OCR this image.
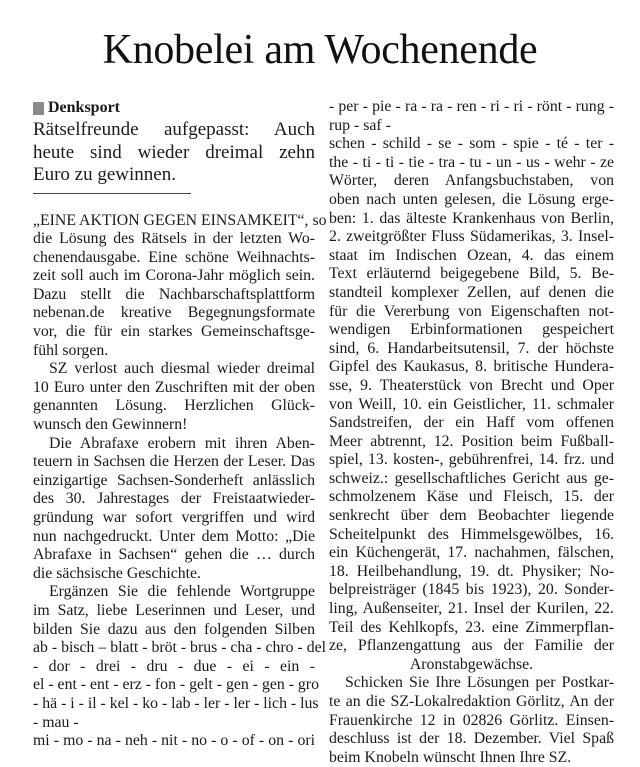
Knobelei am Wochenende
Denksport
Rätselfreunde aufgepasst: Auch
heute sind wieder dreimal zehn
Euro zu gewinnen.

„EINE AKTION GEGEN EINSAMKEIT“, so
die Lösung des Rätsels in der letzten Wo-
chenendausgabe. Eine schöne Weihnachts-
zeit soll auch im Corona-Jahr möglich sein.
Dazu stellt die Nachbarschaftsplattform
nebenan.de kreative Begegnungsformate
vor, die für ein starkes Gemeinschaftsge-
fühl sorgen.

SZ verlost auch diesmal wieder dreimal
10 Euro unter den Zuschriften mit der oben
genannten Lösung. Herzlichen Glück-
wunsch den Gewinnern!

Die Abrafaxe erobern mit ihren Aben-
teuern in Sachsen die Herzen der Leser. Das
einzigartige Sachsen-Sonderheft anlässlich
des 30. Jahrestages der Freistaatwieder-
gründung war sofort vergriffen und wird
nun nachgedruckt. Unter dem Motto: „Die
Abrafaxe in Sachsen“ gehen die … durch
die sächsische Geschichte.

Ergänzen Sie die fehlende Wortgruppe
im Satz, liebe Leserinnen und Leser, und
bilden Sie dazu aus den folgenden Silben
ab - bisch – blatt - bröt - brus - cha - chro - del
- dor - drei - dru - due - ei - ein -
el - ent - ent - erz - fon - gelt - gen - gen - gro
- hä - i - il - kel - ko - lab - ler - ler - lich - lus
- mau -
mi - mo - na - neh - nit - no - o - of - on - ori

- per - pie - ra - ra - ren - ri - ri - rönt - rung -
rup - saf -
schen - schild - se - som - spie - té - ter -
the - ti - ti - tie - tra - tu - un - us - wehr - ze

Wörter, deren Anfangsbuchstaben, von
oben nach unten gelesen, die Lösung erge-
ben: 1. das älteste Krankenhaus von Berlin,
2. zweitgrößter Fluss Südamerikas, 3. Insel-
staat im Indischen Ozean, 4. das einem
Text erläuternd beigegebene Bild, 5. Be-
standteil komplexer Zellen, auf denen die
für die Vererbung von Eigenschaften not-
wendigen Erbinformationen gespeichert
sind, 6. Handarbeitsutensil, 7. der höchste
Gipfel des Kaukasus, 8. britische Hundera-
sse, 9. Theaterstück von Brecht und Oper
von Weill, 10. ein Geistlicher, 11. schmaler
Sandstreifen, der ein Haff vom offenen
Meer abtrennt, 12. Position beim Fußball-
spiel, 13. kosten-, gebührenfrei, 14. frz. und
schweiz.: gesellschaftliches Gericht aus ge-
schmolzenem Käse und Fleisch, 15. der
senkrecht über dem Beobachter liegende
Scheitelpunkt des Himmelsgewölbes, 16.
ein Küchengerät, 17. nachahmen, fälschen,
18. Heilbehandlung, 19. dt. Physiker; No-
belpreisträger (1845 bis 1923), 20. Sonder-
ling, Außenseiter, 21. Insel der Kurilen, 22.
Teil des Kehlkopfs, 23. eine Zimmerpflan-
ze, Pflanzengattung aus der Familie der
Aronstabgewächse.

Schicken Sie Ihre Lösungen per Postkar-
te an die SZ-Lokalredaktion Görlitz, An der
Frauenkirche 12 in 02826 Görlitz. Einsen-
deschluss ist der 18. Dezember. Viel Spaß
beim Knobeln wünscht Ihnen Ihre SZ.
